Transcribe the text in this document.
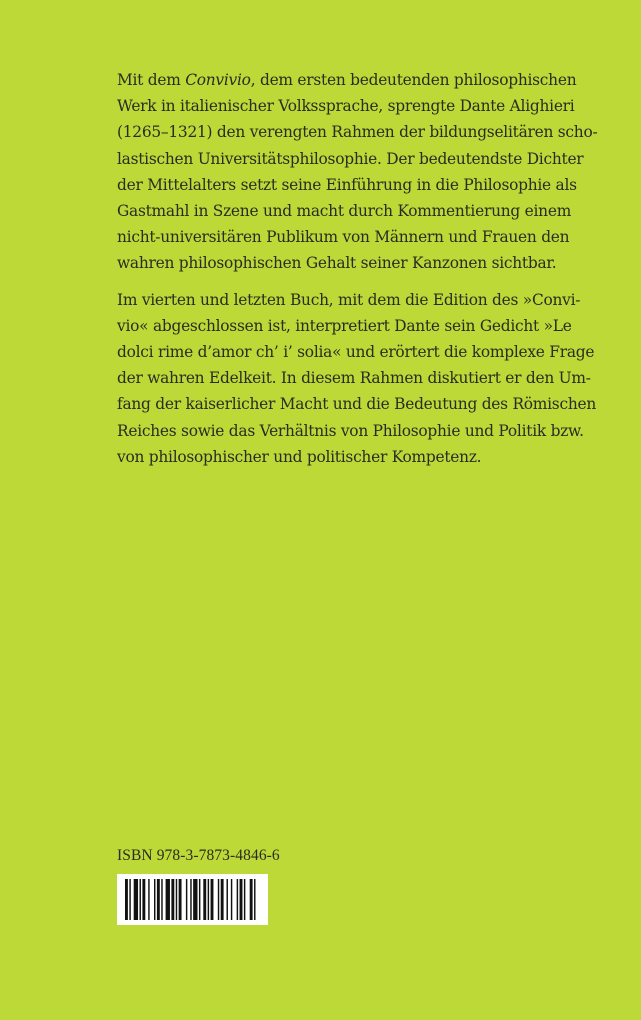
Mit dem Convivio, dem ersten bedeutenden philosophischen
Werk in italienischer Volkssprache, sprengte Dante Alighieri
(1265–1321) den verengten Rahmen der bildungselitären scho-
lastischen Universitätsphilosophie. Der bedeutendste Dichter
der Mittelalters setzt seine Einführung in die Philosophie als
Gastmahl in Szene und macht durch Kommentierung einem
nicht-universitären Publikum von Männern und Frauen den
wahren philosophischen Gehalt seiner Kanzonen sichtbar.

Im vierten und letzten Buch, mit dem die Edition des »Convi-
vio« abgeschlossen ist, interpretiert Dante sein Gedicht »Le
dolci rime d’amor ch’ i’ solia« und erörtert die komplexe Frage
der wahren Edelkeit. In diesem Rahmen diskutiert er den Um-
fang der kaiserlicher Macht und die Bedeutung des Römischen
Reiches sowie das Verhältnis von Philosophie und Politik bzw.
von philosophischer und politischer Kompetenz.

ISBN 978-3-7873-4846-6
